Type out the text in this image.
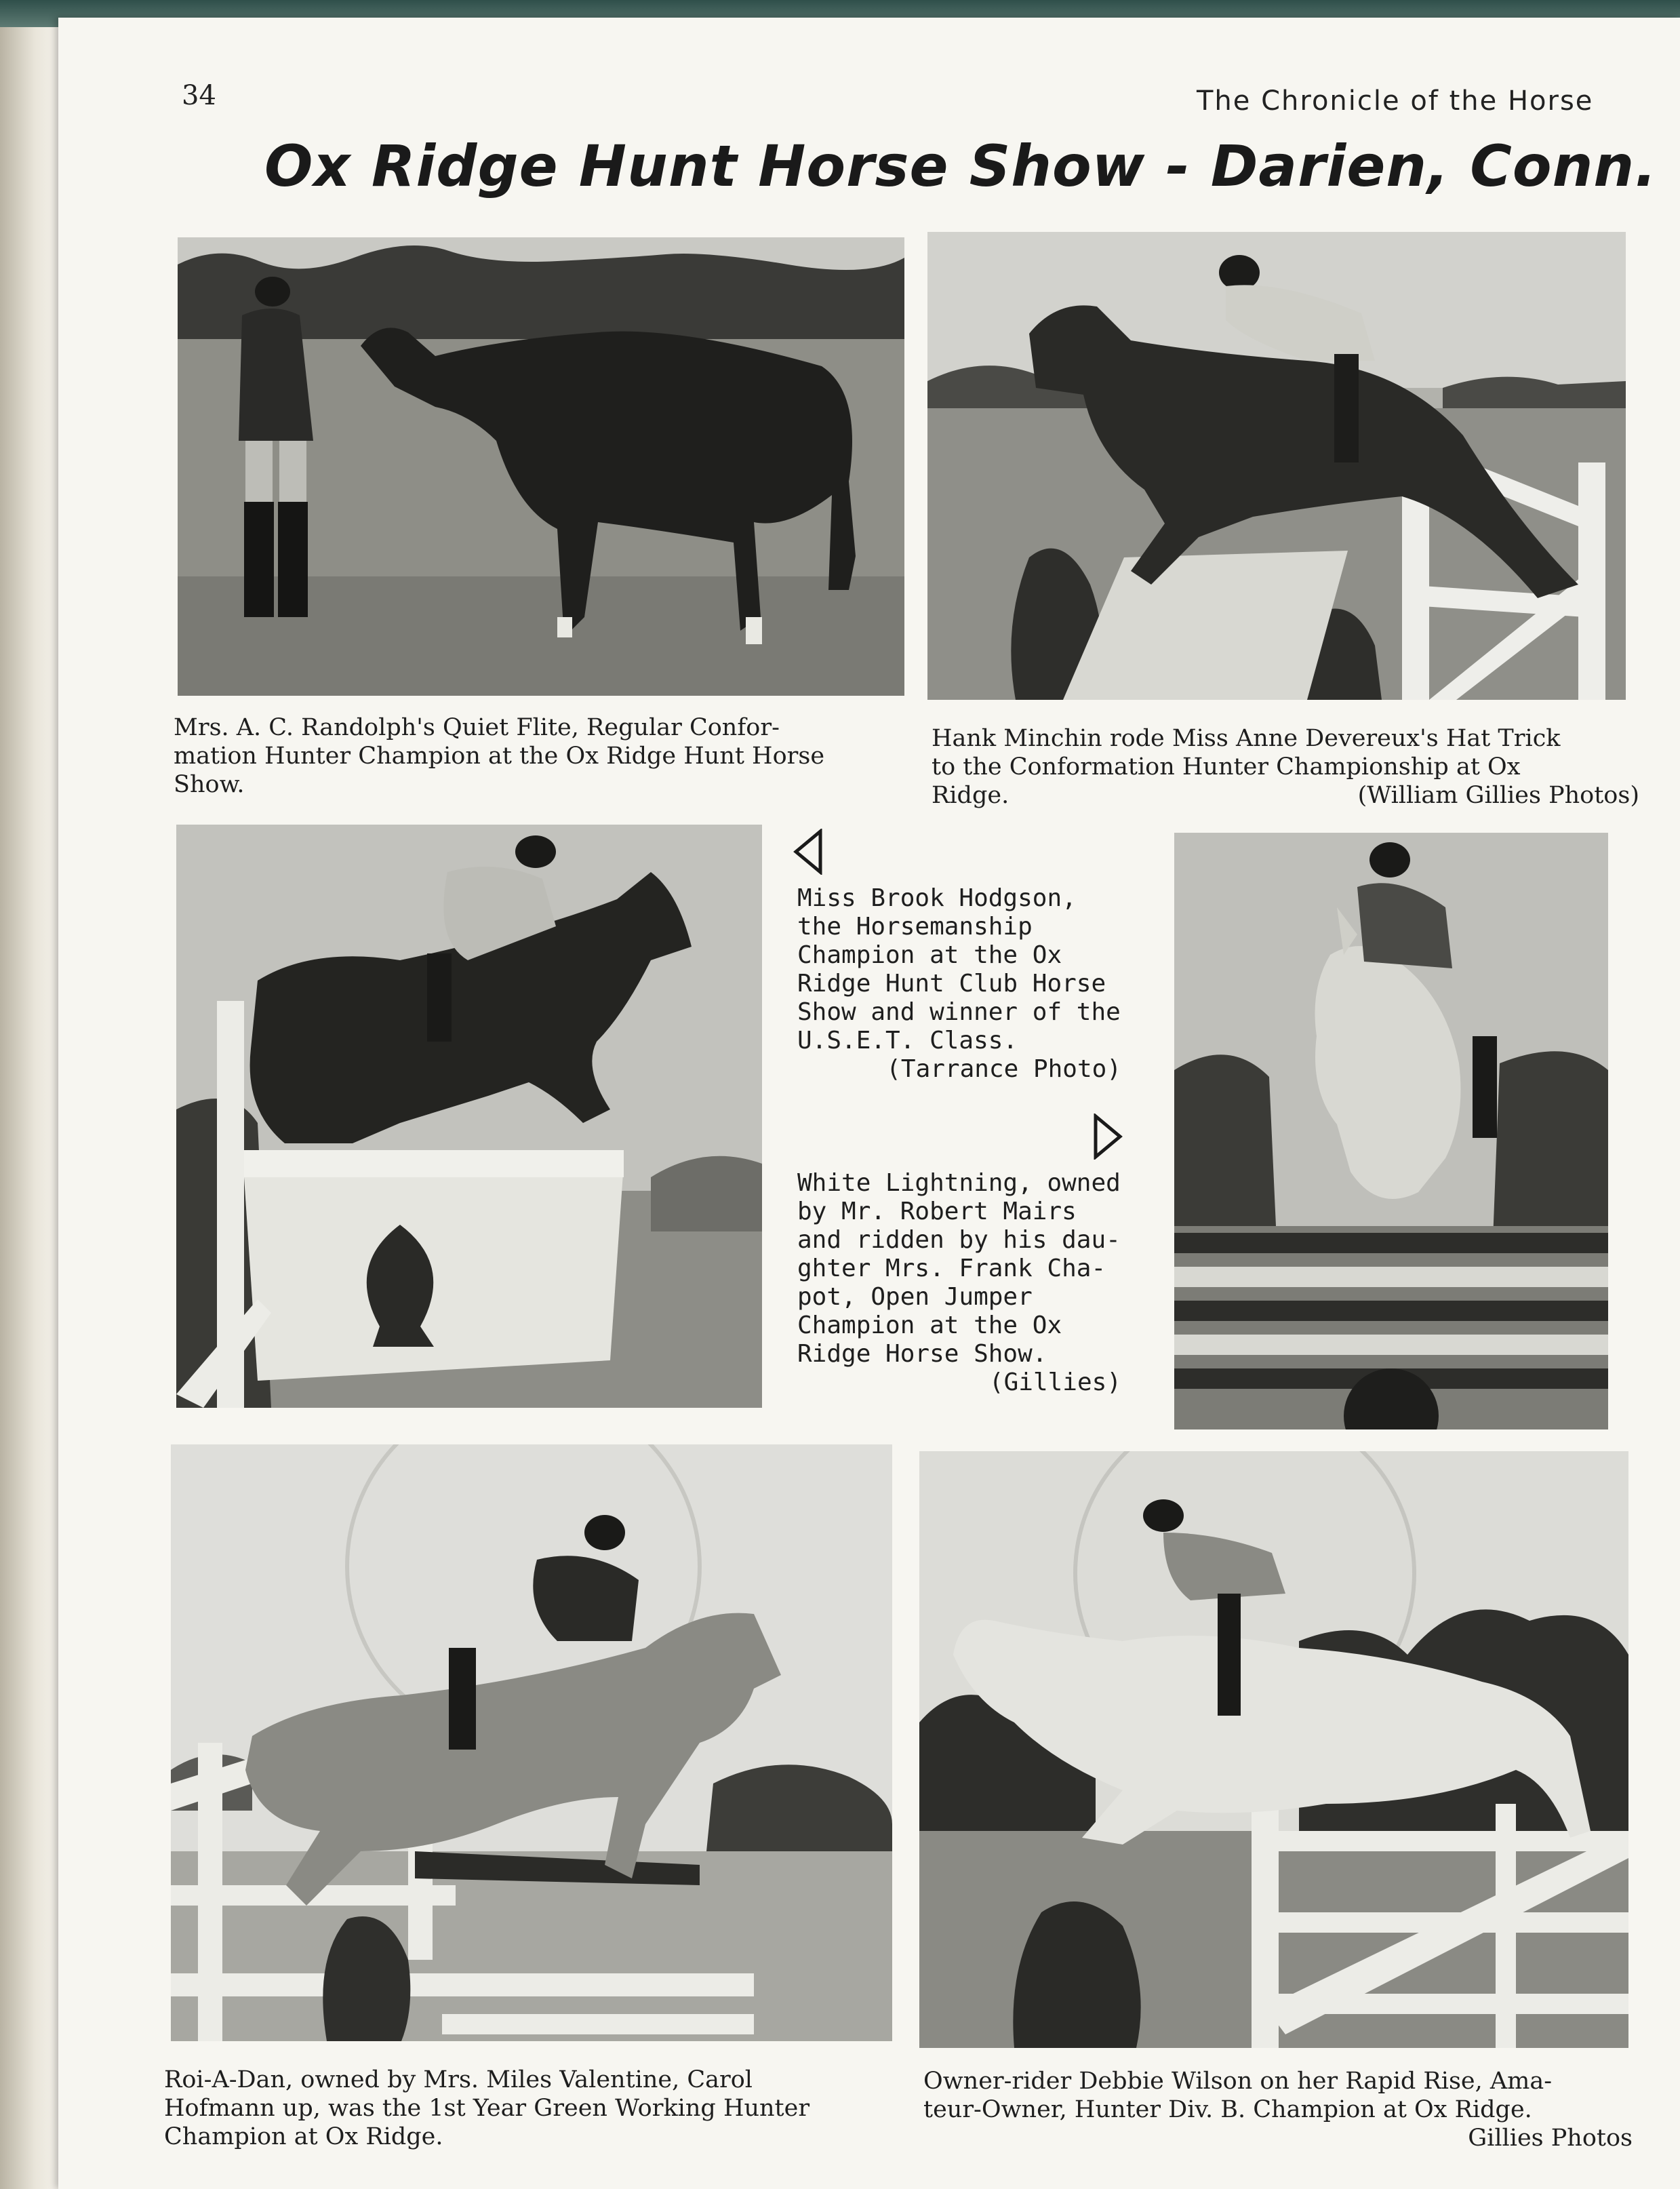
34	The Chronicle of the Horse
Ox Ridge Hunt Horse Show - Darien, Conn.
Mrs. A. C. Randolph's Quiet Flite, Regular Confor-
mation Hunter Champion at the Ox Ridge Hunt Horse
Show.
Hank Minchin rode Miss Anne Devereux's Hat Trick
to the Conformation Hunter Championship at Ox
Ridge.	(William Gillies Photos)
Miss Brook Hodgson,
the Horsemanship
Champion at the Ox
Ridge Hunt Club Horse
Show and winner of the
U.S.E.T. Class.
(Tarrance Photo)
White Lightning, owned
by Mr. Robert Mairs
and ridden by his dau-
ghter Mrs. Frank Cha-
pot, Open Jumper
Champion at the Ox
Ridge Horse Show.
(Gillies)
Roi-A-Dan, owned by Mrs. Miles Valentine, Carol
Hofmann up, was the 1st Year Green Working Hunter
Champion at Ox Ridge.
Owner-rider Debbie Wilson on her Rapid Rise, Ama-
teur-Owner, Hunter Div. B. Champion at Ox Ridge.
Gillies Photos
